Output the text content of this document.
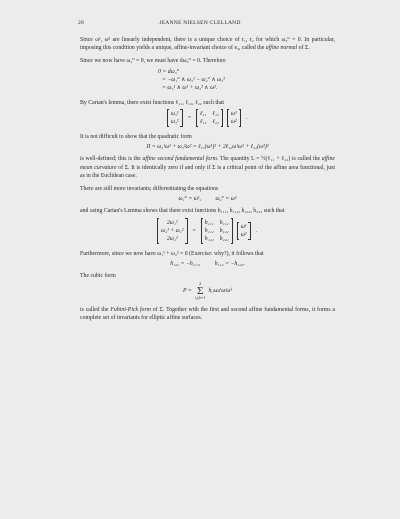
28	JEANNE NIELSEN CLELLAND

Since ω¹, ω² are linearly independent, there is a unique choice of r₁, r₂ for which ω₃⁰ = 0. In particular, imposing this condition yields a unique, affine-invariant choice of e₃, called the affine normal of Σ.

Since we now have ω₃⁰ = 0, we must have dω₃⁰ = 0. Therefore

0 = dω₃⁰
= −ω₁⁰ ∧ ω₃¹ − ω₂⁰ ∧ ω₃²
= ω₃¹ ∧ ω¹ + ω₃² ∧ ω².

By Cartan's lemma, there exist functions ℓ₁₁, ℓ₁₂, ℓ₂₂ such that

ω₃¹
ω₃²
=
ℓ₁₁ ℓ₁₂
ℓ₁₂ ℓ₂₂
ω¹
ω²
.

It is not difficult to show that the quadratic form

II = ω₃¹ω¹ + ω₃²ω² = ℓ₁₁(ω¹)² + 2ℓ₁₂ω¹ω² + ℓ₂₂(ω²)²

is well-defined; this is the affine second fundamental form. The quantity L = ½(ℓ₁₁ + ℓ₂₂) is called the affine mean curvature of Σ. It is identically zero if and only if Σ is a critical point of the affine area functional, just as in the Euclidean case.

There are still more invariants; differentiating the equations

ω₁⁰ = ω¹,          ω₂⁰ = ω²

and using Cartan's Lemma shows that there exist functions h₁₁₁, h₁₁₂, h₁₂₂, h₂₂₂ such that

2ω₁¹
ω₂¹ + ω₁²
2ω₂²
=
h₁₁₁ h₁₁₂
h₁₁₂ h₁₂₂
h₁₂₂ h₂₂₂
ω¹
ω²
.

Furthermore, since we now have ω₁¹ + ω₂² = 0 (Exercise: why?), it follows that

h₁₂₂ = −h₁₁₁,          h₁₁₂ = −h₂₂₂.

The cubic form

P =
2
Σ
i,j,k=1
hᵢⱼₖωⁱωʲωᵏ

is called the Fubini-Pick form of Σ. Together with the first and second affine fundamental forms, it forms a complete set of invariants for elliptic affine surfaces.
